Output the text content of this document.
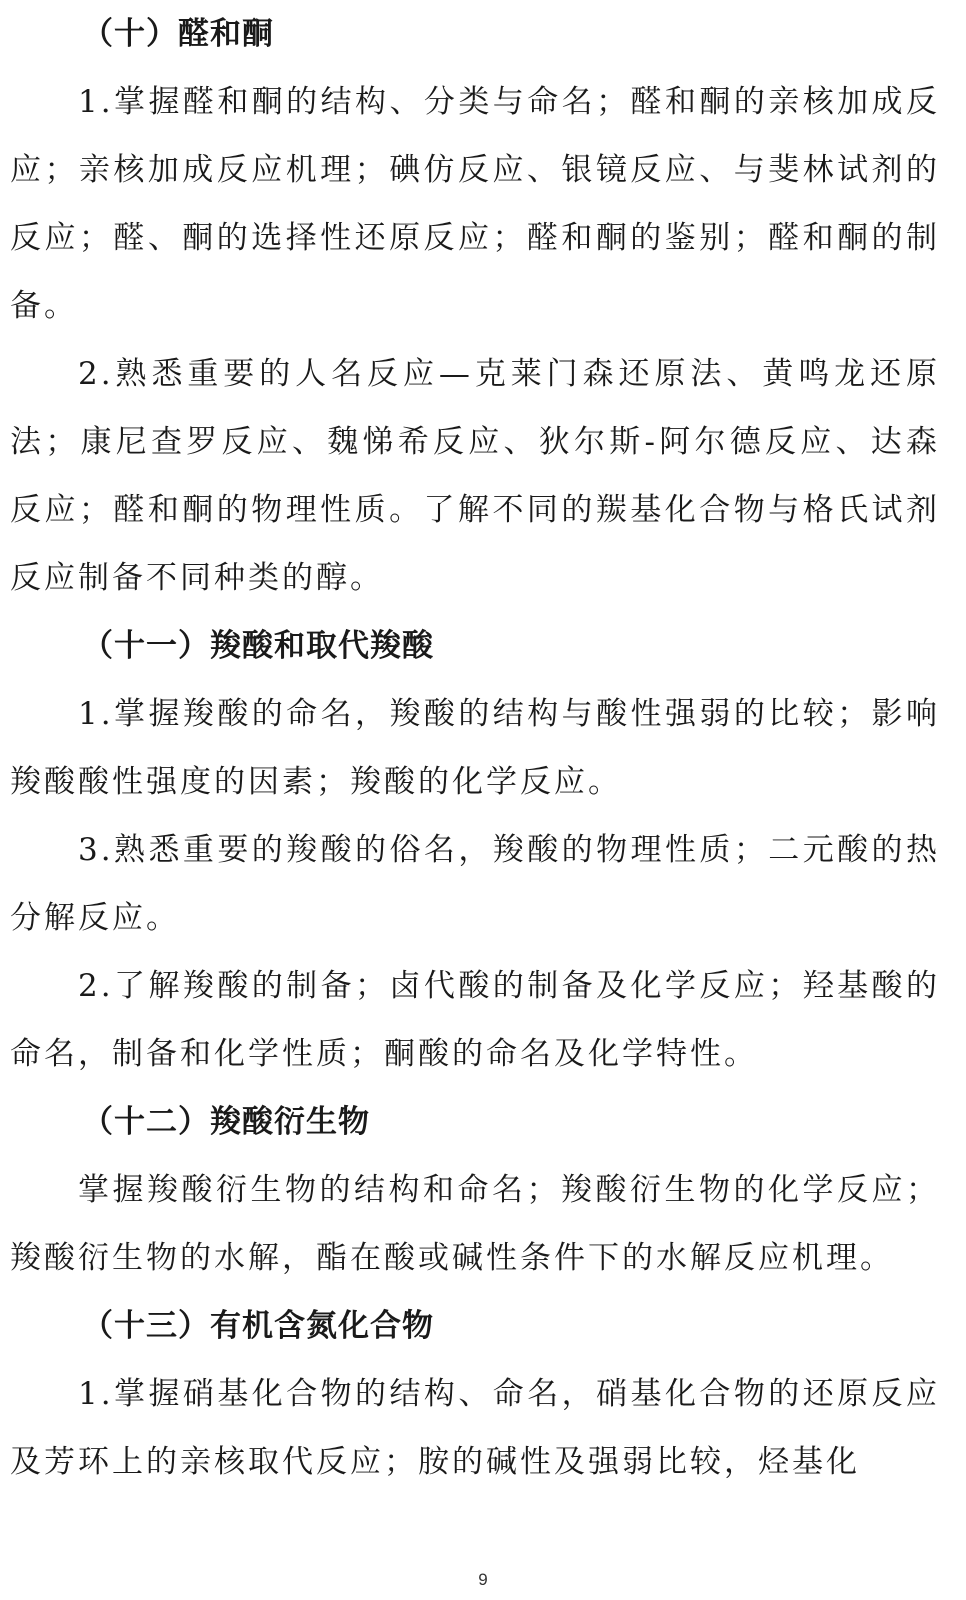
（十）醛和酮

1.掌握醛和酮的结构、分类与命名；醛和酮的亲核加成反应；亲核加成反应机理；碘仿反应、银镜反应、与斐林试剂的反应；醛、酮的选择性还原反应；醛和酮的鉴别；醛和酮的制备。

2.熟悉重要的人名反应—克莱门森还原法、黄鸣龙还原法；康尼查罗反应、魏悌希反应、狄尔斯-阿尔德反应、达森反应；醛和酮的物理性质。了解不同的羰基化合物与格氏试剂反应制备不同种类的醇。

（十一）羧酸和取代羧酸

1.掌握羧酸的命名，羧酸的结构与酸性强弱的比较；影响羧酸酸性强度的因素；羧酸的化学反应。

3.熟悉重要的羧酸的俗名，羧酸的物理性质；二元酸的热分解反应。

2.了解羧酸的制备；卤代酸的制备及化学反应；羟基酸的命名，制备和化学性质；酮酸的命名及化学特性。

（十二）羧酸衍生物

掌握羧酸衍生物的结构和命名；羧酸衍生物的化学反应；羧酸衍生物的水解，酯在酸或碱性条件下的水解反应机理。

（十三）有机含氮化合物

1.掌握硝基化合物的结构、命名，硝基化合物的还原反应及芳环上的亲核取代反应；胺的碱性及强弱比较，烃基化

9
